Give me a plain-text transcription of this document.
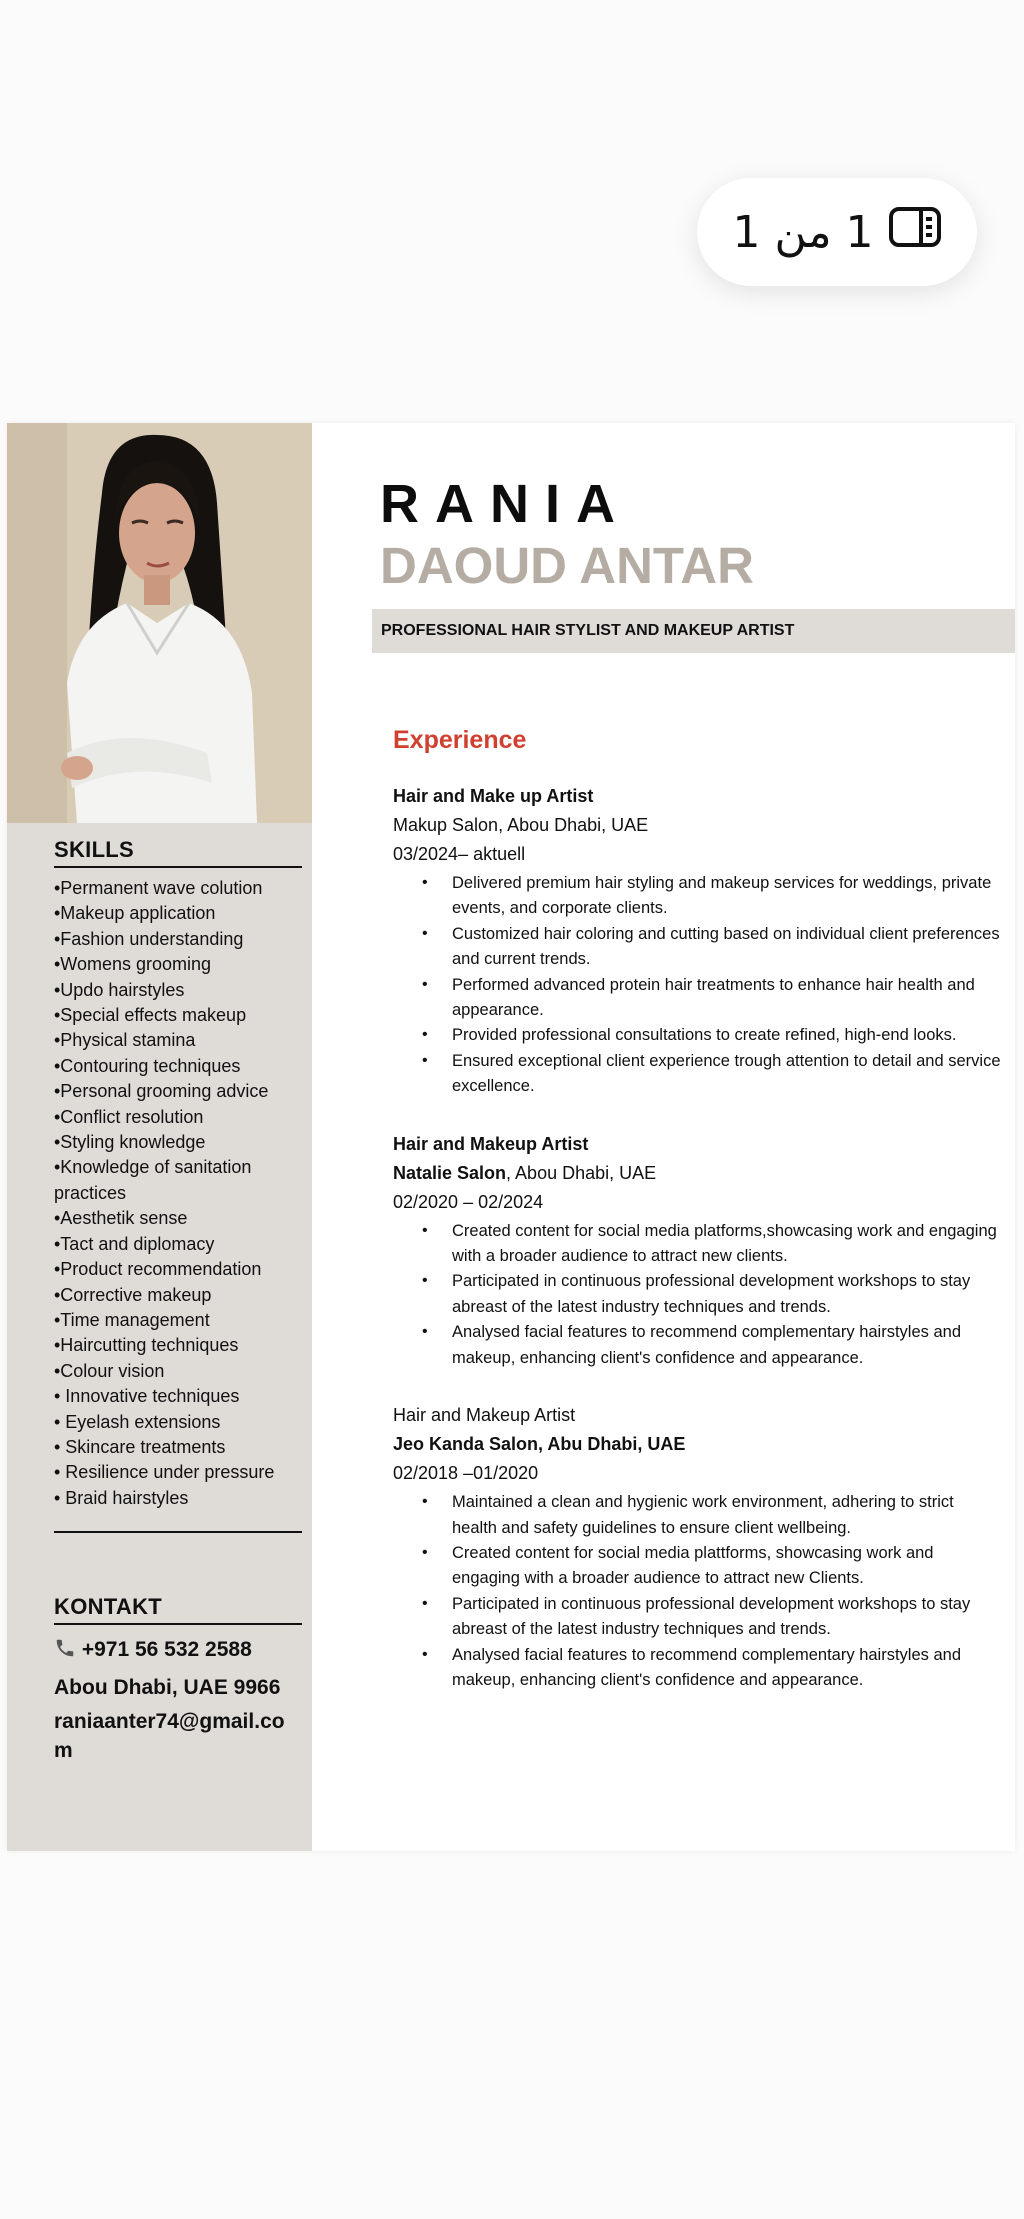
1 من 1
SKILLS
•Permanent wave colution
•Makeup application
•Fashion understanding
•Womens grooming
•Updo hairstyles
•Special effects makeup
•Physical stamina
•Contouring techniques
•Personal grooming advice
•Conflict resolution
•Styling knowledge
•Knowledge of sanitation practices
•Aesthetik sense
•Tact and diplomacy
•Product recommendation
•Corrective makeup
•Time management
•Haircutting techniques
•Colour vision
• Innovative techniques
• Eyelash extensions
• Skincare treatments
• Resilience under pressure
• Braid hairstyles
KONTAKT
+971 56 532 2588
Abou Dhabi, UAE 9966
raniaanter74@gmail.com
RANIA
DAOUD ANTAR
PROFESSIONAL HAIR STYLIST AND MAKEUP ARTIST
Experience
Hair and Make up Artist
Makup Salon, Abou Dhabi, UAE
03/2024– aktuell
• Delivered premium hair styling and makeup services for weddings, private events, and corporate clients.
• Customized hair coloring and cutting based on individual client preferences and current trends.
• Performed advanced protein hair treatments to enhance hair health and appearance.
• Provided professional consultations to create refined, high-end looks.
• Ensured exceptional client experience trough attention to detail and service excellence.
Hair and Makeup Artist
Natalie Salon, Abou Dhabi, UAE
02/2020 – 02/2024
• Created content for social media platforms,showcasing work and engaging with a broader audience to attract new clients.
• Participated in continuous professional development workshops to stay abreast of the latest industry techniques and trends.
• Analysed facial features to recommend complementary hairstyles and makeup, enhancing client's confidence and appearance.
Hair and Makeup Artist
Jeo Kanda Salon, Abu Dhabi, UAE
02/2018 –01/2020
• Maintained a clean and hygienic work environment, adhering to strict health and safety guidelines to ensure client wellbeing.
• Created content for social media plattforms, showcasing work and engaging with a broader audience to attract new Clients.
• Participated in continuous professional development workshops to stay abreast of the latest industry techniques and trends.
• Analysed facial features to recommend complementary hairstyles and makeup, enhancing client's confidence and appearance.
